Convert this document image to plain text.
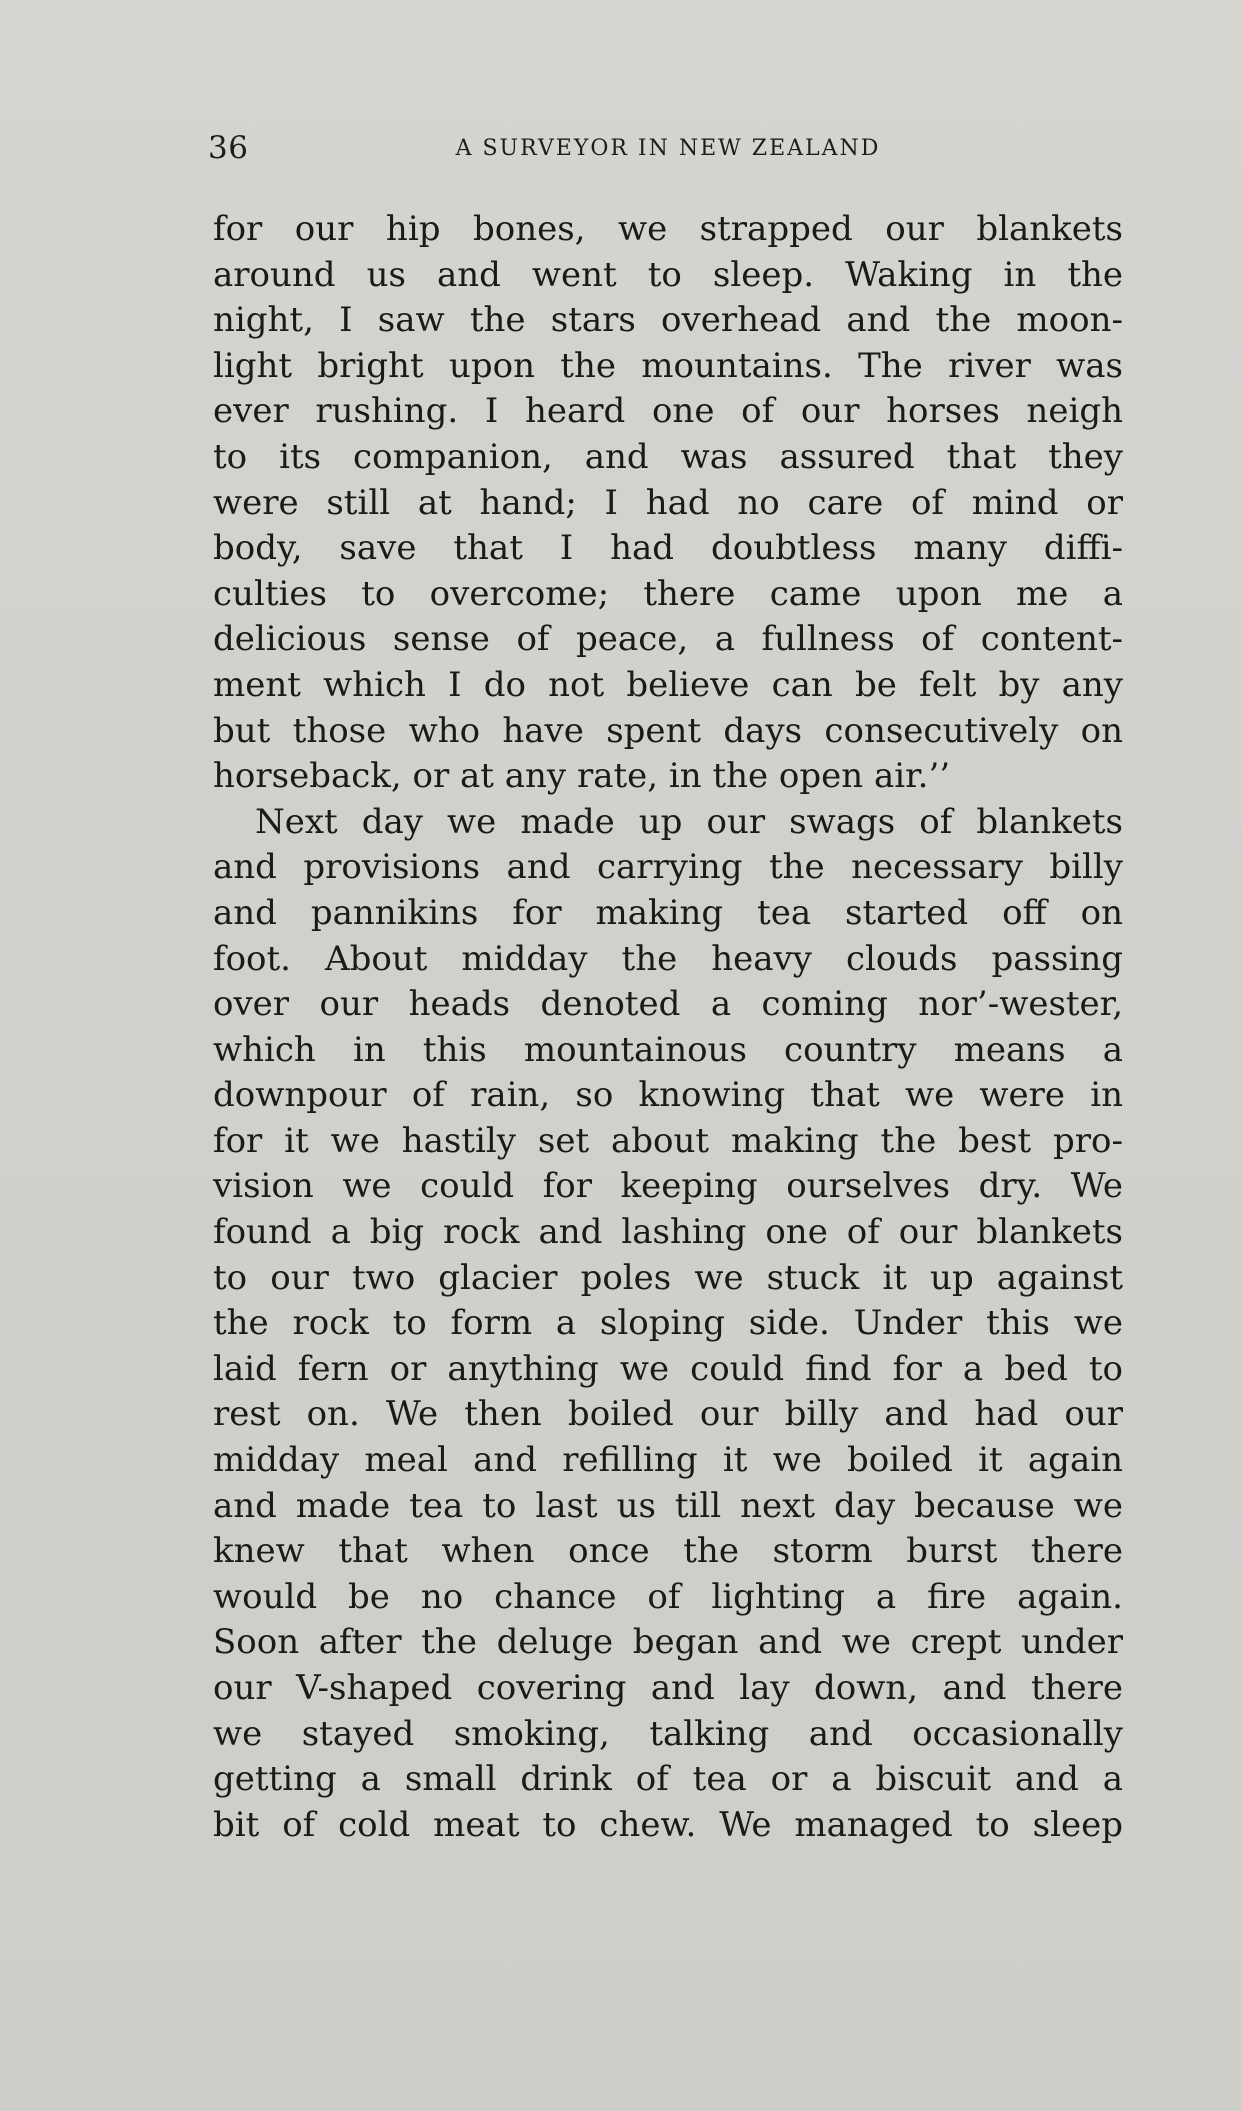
36	A SURVEYOR IN NEW ZEALAND
for our hip bones, we strapped our blankets
around us and went to sleep. Waking in the
night, I saw the stars overhead and the moon-
light bright upon the mountains. The river was
ever rushing. I heard one of our horses neigh
to its companion, and was assured that they
were still at hand; I had no care of mind or
body, save that I had doubtless many diffi-
culties to overcome; there came upon me a
delicious sense of peace, a fullness of content-
ment which I do not believe can be felt by any
but those who have spent days consecutively on
horseback, or at any rate, in the open air.’’
Next day we made up our swags of blankets
and provisions and carrying the necessary billy
and pannikins for making tea started off on
foot. About midday the heavy clouds passing
over our heads denoted a coming nor’-wester,
which in this mountainous country means a
downpour of rain, so knowing that we were in
for it we hastily set about making the best pro-
vision we could for keeping ourselves dry. We
found a big rock and lashing one of our blankets
to our two glacier poles we stuck it up against
the rock to form a sloping side. Under this we
laid fern or anything we could find for a bed to
rest on. We then boiled our billy and had our
midday meal and refilling it we boiled it again
and made tea to last us till next day because we
knew that when once the storm burst there
would be no chance of lighting a fire again.
Soon after the deluge began and we crept under
our V-shaped covering and lay down, and there
we stayed smoking, talking and occasionally
getting a small drink of tea or a biscuit and a
bit of cold meat to chew. We managed to sleep
